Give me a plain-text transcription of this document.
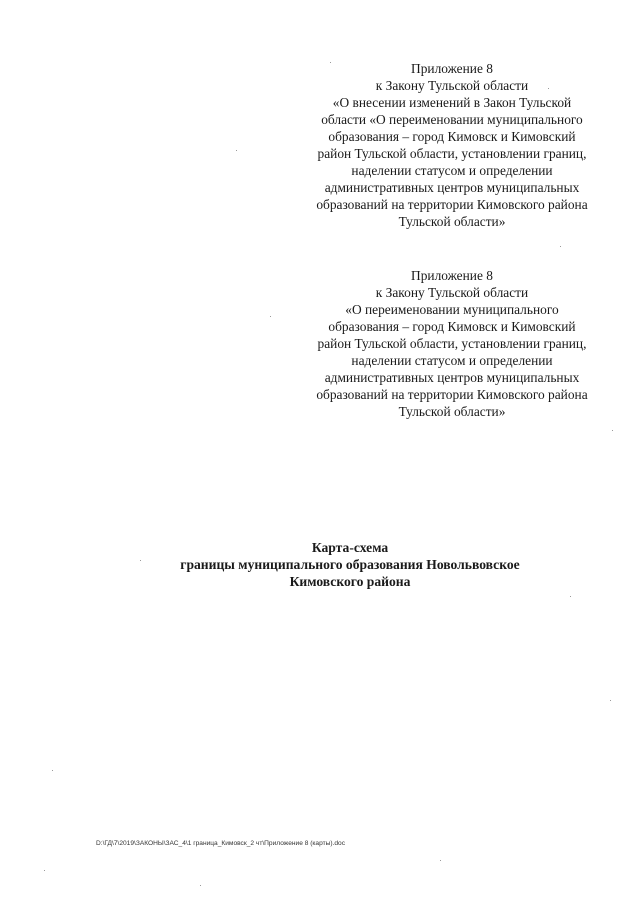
Приложение 8
к Закону Тульской области
«О внесении изменений в Закон Тульской
области «О переименовании муниципального
образования – город Кимовск и Кимовский
район Тульской области, установлении границ,
наделении статусом и определении
административных центров муниципальных
образований на территории Кимовского района
Тульской области»
Приложение 8
к Закону Тульской области
«О переименовании муниципального
образования – город Кимовск и Кимовский
район Тульской области, установлении границ,
наделении статусом и определении
административных центров муниципальных
образований на территории Кимовского района
Тульской области»
Карта-схема
границы муниципального образования Новольвовское
Кимовского района
D:\ГД\7\2019\ЗАКОНЫ\ЗАС_4\1 граница_Кимовск_2 чт\Приложение 8 (карты).doc
